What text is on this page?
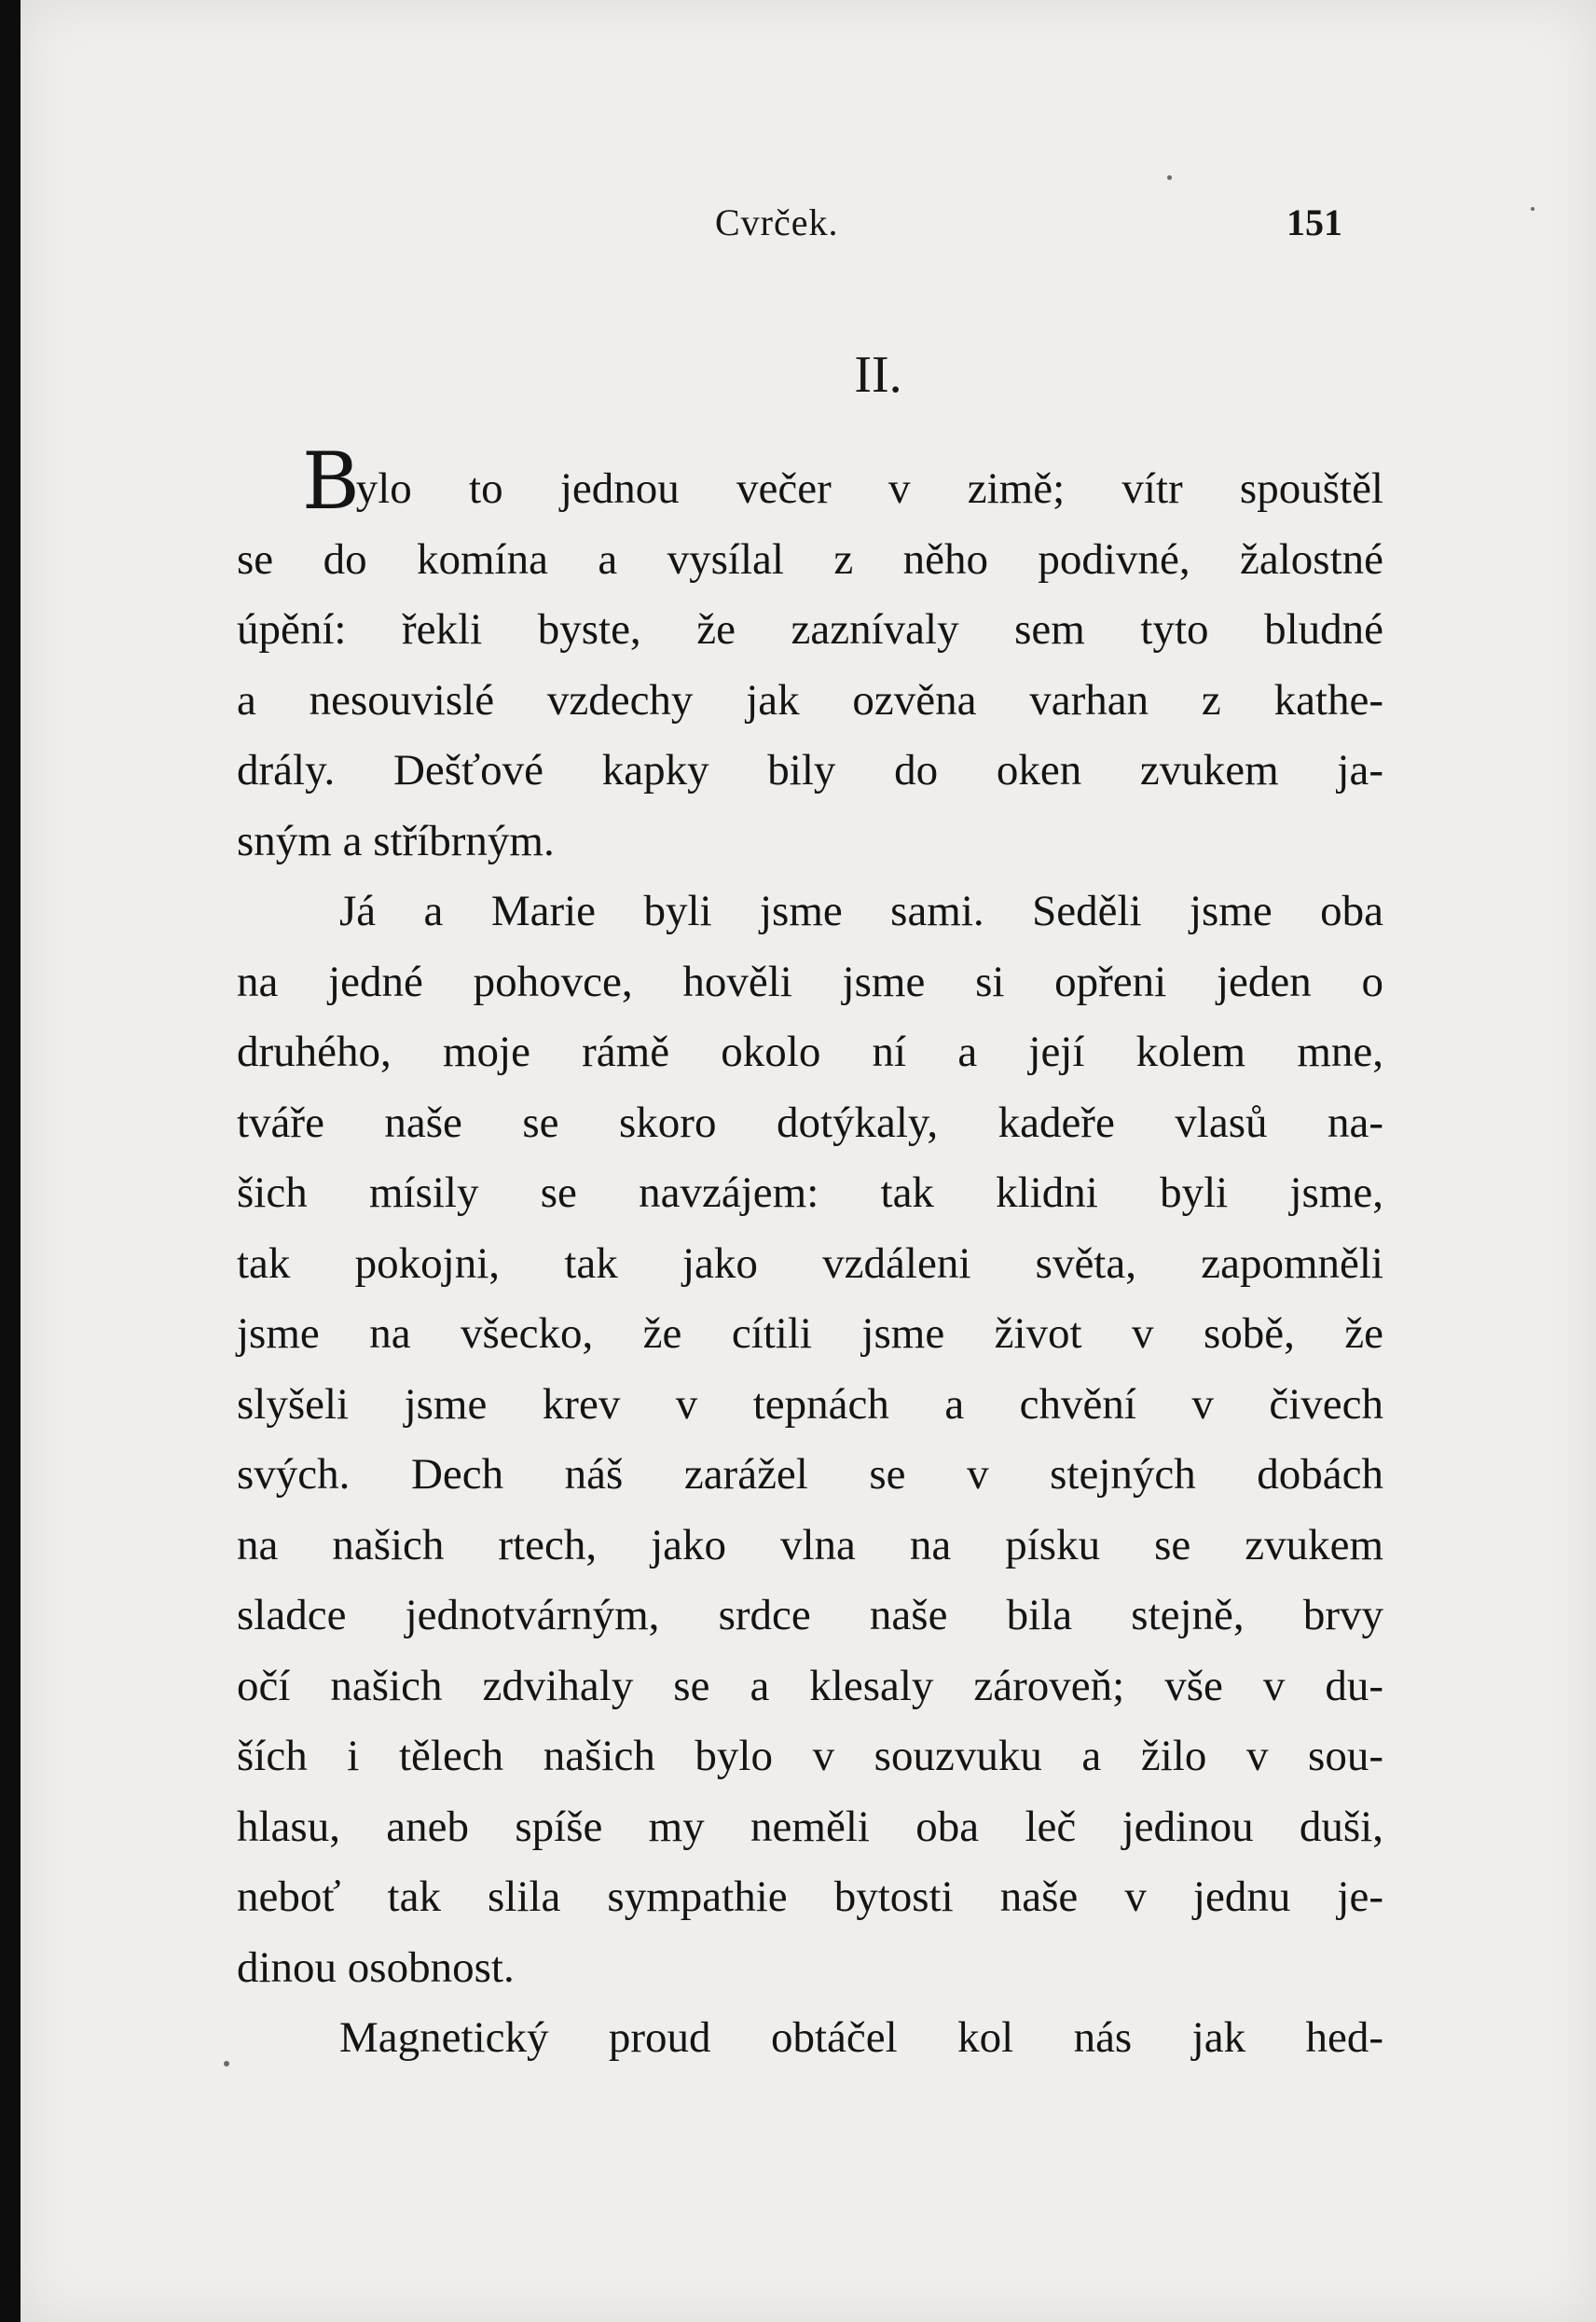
Cvrček.	151
II.
Bylo to jednou večer v zimě; vítr spouštěl
se do komína a vysílal z něho podivné, žalostné
úpění: řekli byste, že zaznívaly sem tyto bludné
a nesouvislé vzdechy jak ozvěna varhan z kathe-
drály. Dešťové kapky bily do oken zvukem ja-
sným a stříbrným.
Já a Marie byli jsme sami. Seděli jsme oba
na jedné pohovce, hověli jsme si opřeni jeden o
druhého, moje rámě okolo ní a její kolem mne,
tváře naše se skoro dotýkaly, kadeře vlasů na-
šich mísily se navzájem: tak klidni byli jsme,
tak pokojni, tak jako vzdáleni světa, zapomněli
jsme na všecko, že cítili jsme život v sobě, že
slyšeli jsme krev v tepnách a chvění v čivech
svých. Dech náš zarážel se v stejných dobách
na našich rtech, jako vlna na písku se zvukem
sladce jednotvárným, srdce naše bila stejně, brvy
očí našich zdvihaly se a klesaly zároveň; vše v du-
ších i tělech našich bylo v souzvuku a žilo v sou-
hlasu, aneb spíše my neměli oba leč jedinou duši,
neboť tak slila sympathie bytosti naše v jednu je-
dinou osobnost.
Magnetický proud obtáčel kol nás jak hed-
